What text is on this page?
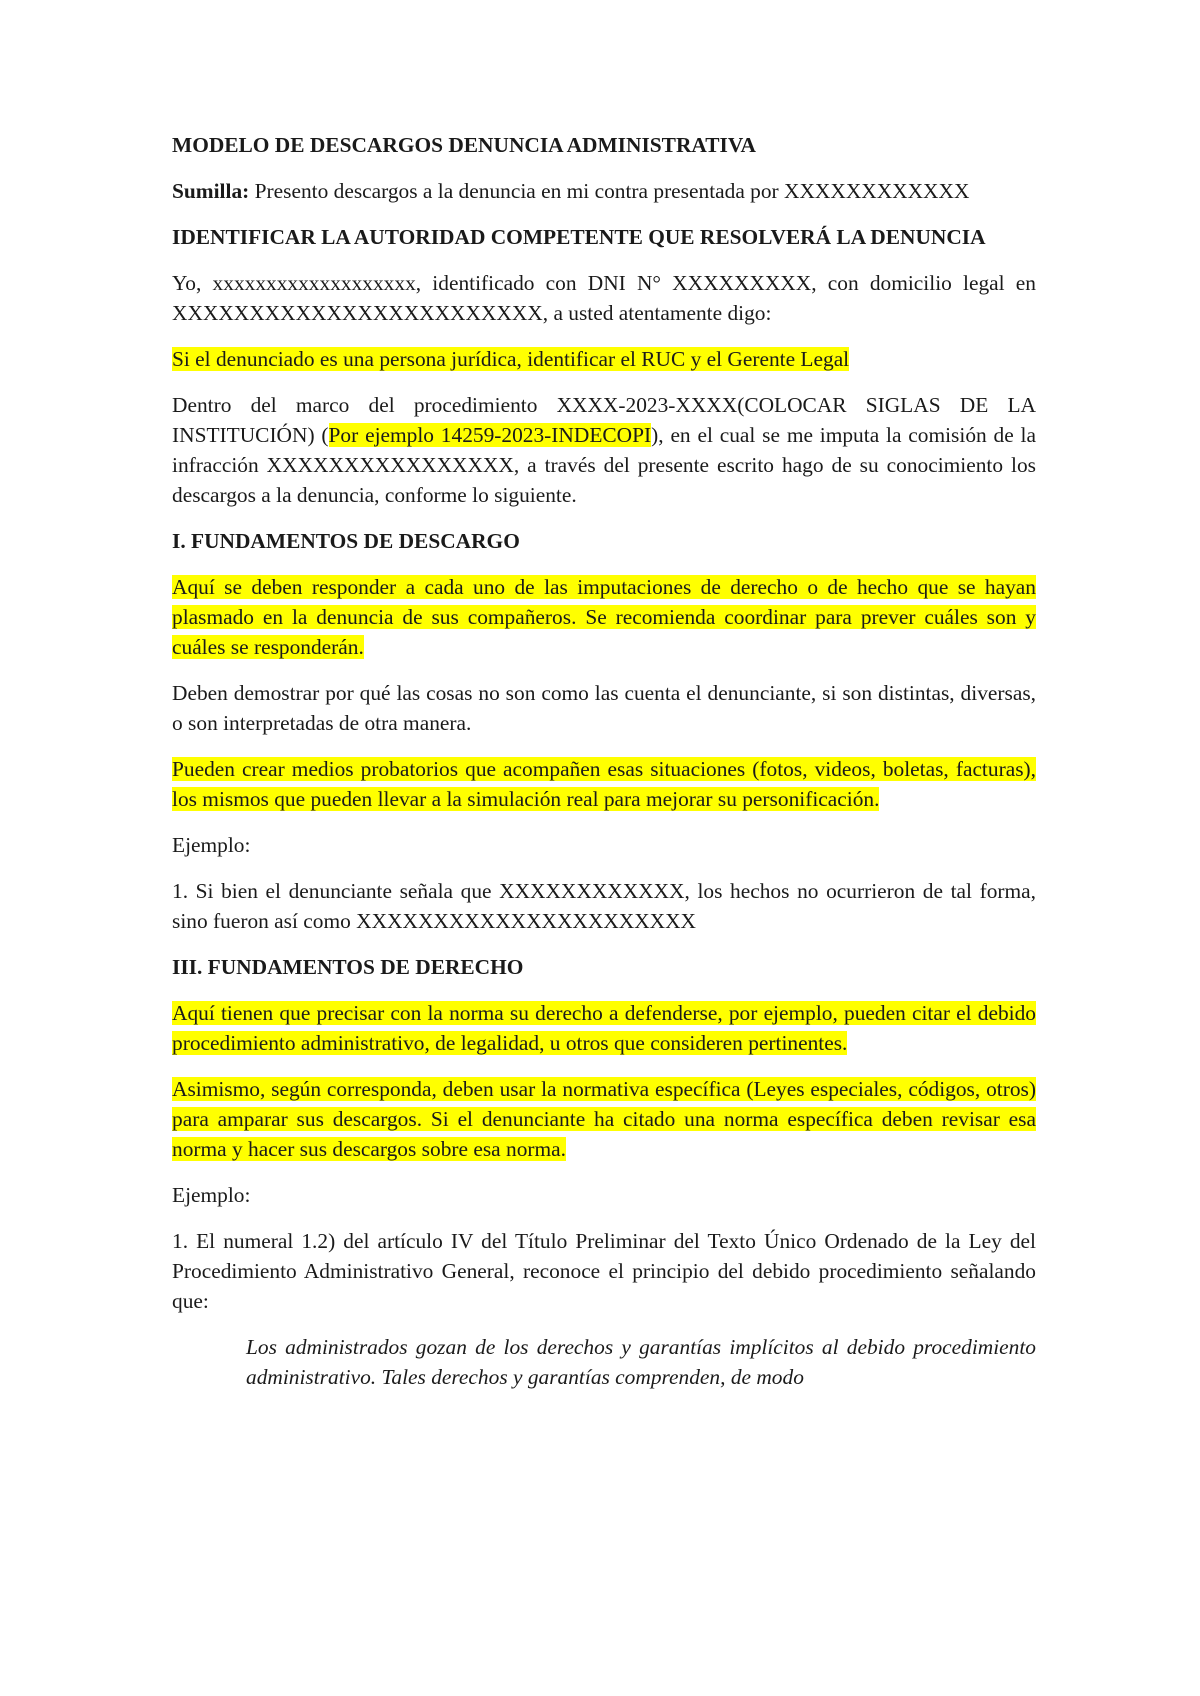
MODELO DE DESCARGOS DENUNCIA ADMINISTRATIVA

Sumilla: Presento descargos a la denuncia en mi contra presentada por XXXXXXXXXXXX

IDENTIFICAR LA AUTORIDAD COMPETENTE QUE RESOLVERÁ LA DENUNCIA

Yo, xxxxxxxxxxxxxxxxxxx, identificado con DNI N° XXXXXXXXX, con domicilio legal en XXXXXXXXXXXXXXXXXXXXXXXX, a usted atentamente digo:

Si el denunciado es una persona jurídica, identificar el RUC y el Gerente Legal

Dentro del marco del procedimiento XXXX-2023-XXXX(COLOCAR SIGLAS DE LA INSTITUCIÓN) (Por ejemplo 14259-2023-INDECOPI), en el cual se me imputa la comisión de la infracción XXXXXXXXXXXXXXXX, a través del presente escrito hago de su conocimiento los descargos a la denuncia, conforme lo siguiente.

I. FUNDAMENTOS DE DESCARGO

Aquí se deben responder a cada uno de las imputaciones de derecho o de hecho que se hayan plasmado en la denuncia de sus compañeros. Se recomienda coordinar para prever cuáles son y cuáles se responderán.

Deben demostrar por qué las cosas no son como las cuenta el denunciante, si son distintas, diversas, o son interpretadas de otra manera.

Pueden crear medios probatorios que acompañen esas situaciones (fotos, videos, boletas, facturas), los mismos que pueden llevar a la simulación real para mejorar su personificación.

Ejemplo:

1. Si bien el denunciante señala que XXXXXXXXXXXX, los hechos no ocurrieron de tal forma, sino fueron así como XXXXXXXXXXXXXXXXXXXXXX

III. FUNDAMENTOS DE DERECHO

Aquí tienen que precisar con la norma su derecho a defenderse, por ejemplo, pueden citar el debido procedimiento administrativo, de legalidad, u otros que consideren pertinentes.

Asimismo, según corresponda, deben usar la normativa específica (Leyes especiales, códigos, otros) para amparar sus descargos. Si el denunciante ha citado una norma específica deben revisar esa norma y hacer sus descargos sobre esa norma.

Ejemplo:

1. El numeral 1.2) del artículo IV del Título Preliminar del Texto Único Ordenado de la Ley del Procedimiento Administrativo General, reconoce el principio del debido procedimiento señalando que:

Los administrados gozan de los derechos y garantías implícitos al debido procedimiento administrativo. Tales derechos y garantías comprenden, de modo
